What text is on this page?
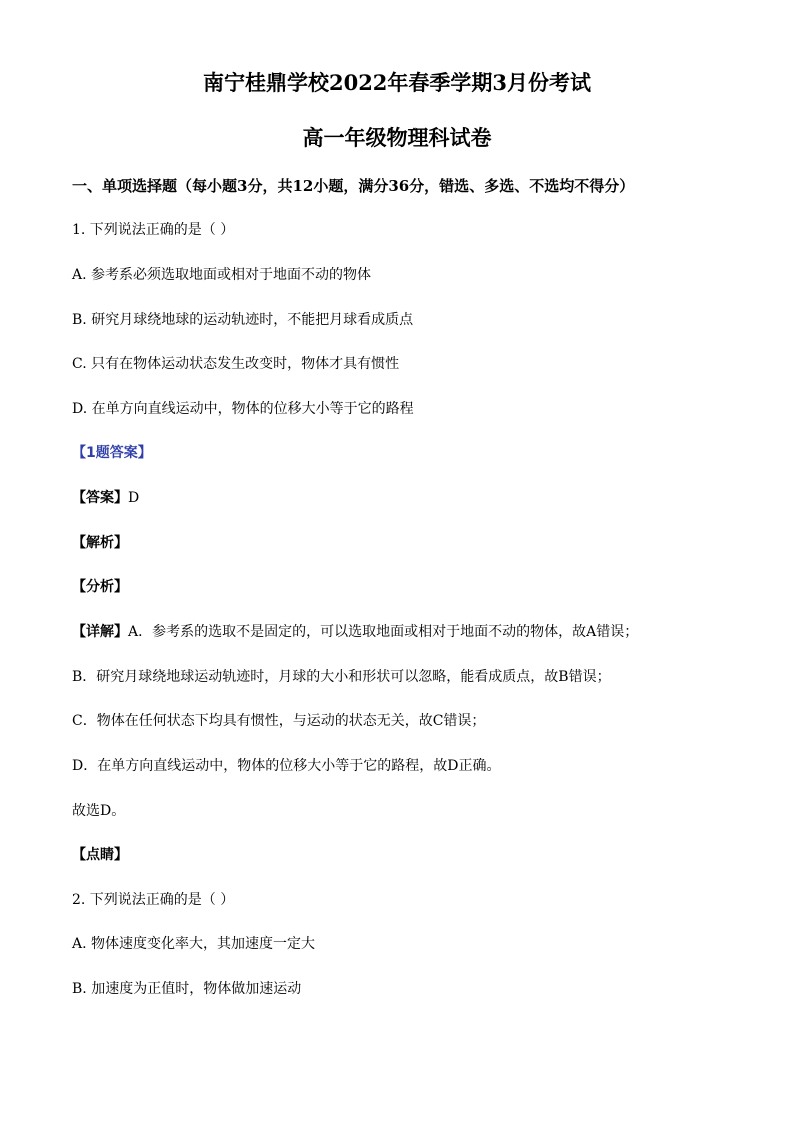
南宁桂鼎学校2022年春季学期3月份考试
高一年级物理科试卷
一、单项选择题（每小题3分，共12小题，满分36分，错选、多选、不选均不得分）
1. 下列说法正确的是（ ）
A. 参考系必须选取地面或相对于地面不动的物体
B. 研究月球绕地球的运动轨迹时，不能把月球看成质点
C. 只有在物体运动状态发生改变时，物体才具有惯性
D. 在单方向直线运动中，物体的位移大小等于它的路程
【1题答案】
【答案】D
【解析】
【分析】
【详解】A．参考系的选取不是固定的，可以选取地面或相对于地面不动的物体，故A错误；
B．研究月球绕地球运动轨迹时，月球的大小和形状可以忽略，能看成质点，故B错误；
C．物体在任何状态下均具有惯性，与运动的状态无关，故C错误；
D．在单方向直线运动中，物体的位移大小等于它的路程，故D正确。
故选D。
【点睛】
2. 下列说法正确的是（ ）
A. 物体速度变化率大，其加速度一定大
B. 加速度为正值时，物体做加速运动
